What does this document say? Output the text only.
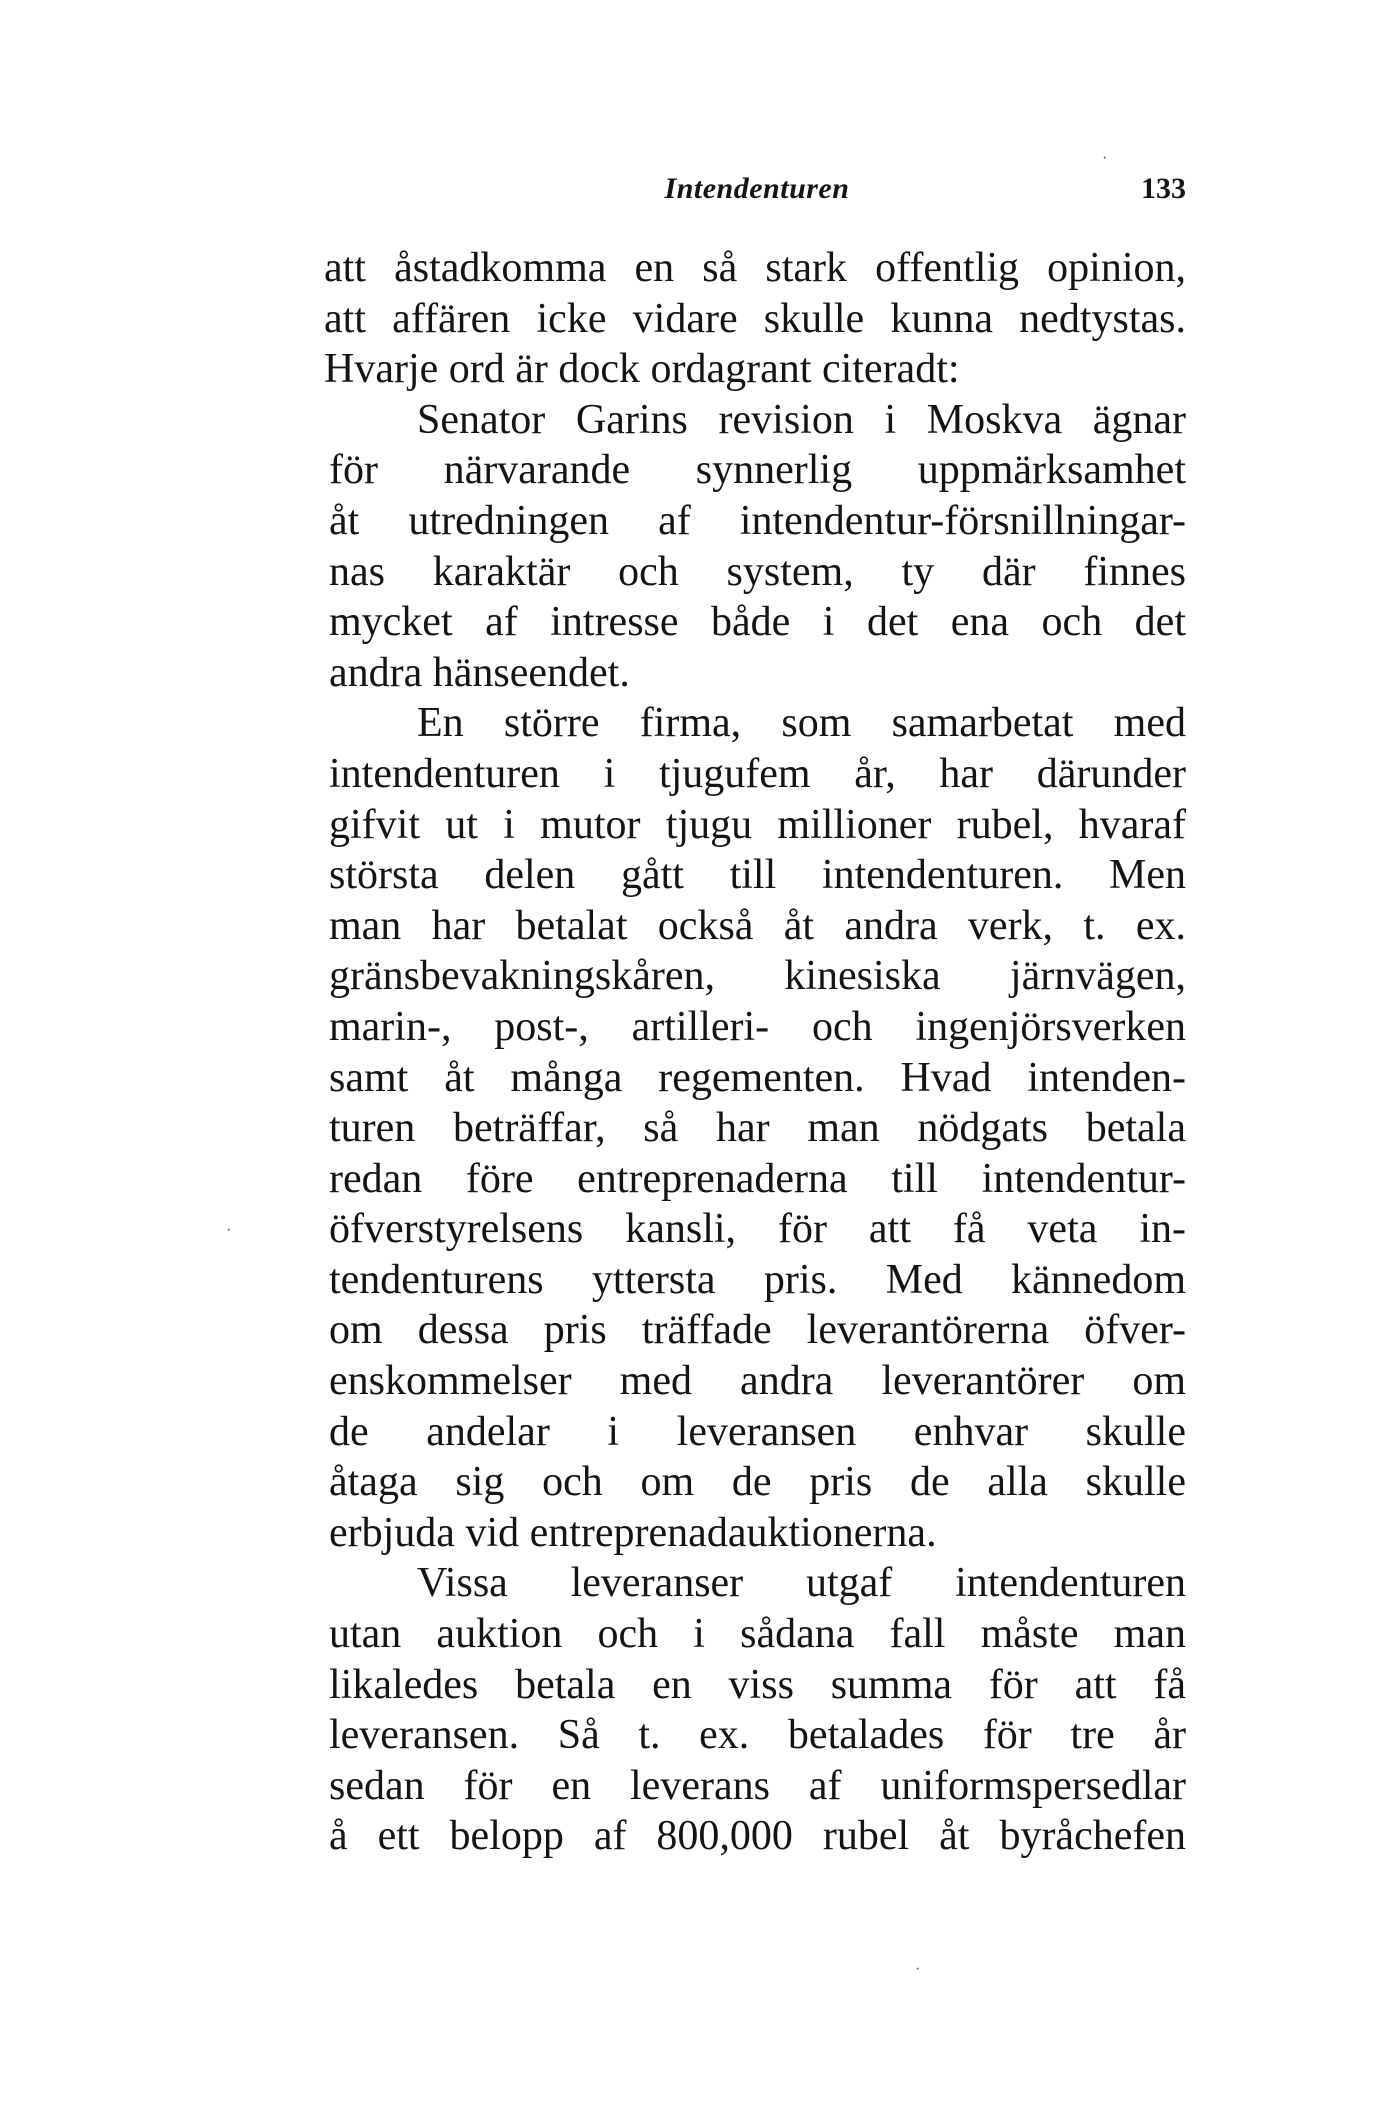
Intendenturen	133
att åstadkomma en så stark offentlig opinion,
att affären icke vidare skulle kunna nedtystas.
Hvarje ord är dock ordagrant citeradt:
Senator Garins revision i Moskva ägnar
för närvarande synnerlig uppmärksamhet
åt utredningen af intendentur-försnillningar-
nas karaktär och system, ty där finnes
mycket af intresse både i det ena och det
andra hänseendet.
En större firma, som samarbetat med
intendenturen i tjugufem år, har därunder
gifvit ut i mutor tjugu millioner rubel, hvaraf
största delen gått till intendenturen. Men
man har betalat också åt andra verk, t. ex.
gränsbevakningskåren, kinesiska järnvägen,
marin-, post-, artilleri- och ingenjörsverken
samt åt många regementen. Hvad intenden-
turen beträffar, så har man nödgats betala
redan före entreprenaderna till intendentur-
öfverstyrelsens kansli, för att få veta in-
tendenturens yttersta pris. Med kännedom
om dessa pris träffade leverantörerna öfver-
enskommelser med andra leverantörer om
de andelar i leveransen enhvar skulle
åtaga sig och om de pris de alla skulle
erbjuda vid entreprenadauktionerna.
Vissa leveranser utgaf intendenturen
utan auktion och i sådana fall måste man
likaledes betala en viss summa för att få
leveransen. Så t. ex. betalades för tre år
sedan för en leverans af uniformspersedlar
å ett belopp af 800,000 rubel åt byråchefen
·
·
·
